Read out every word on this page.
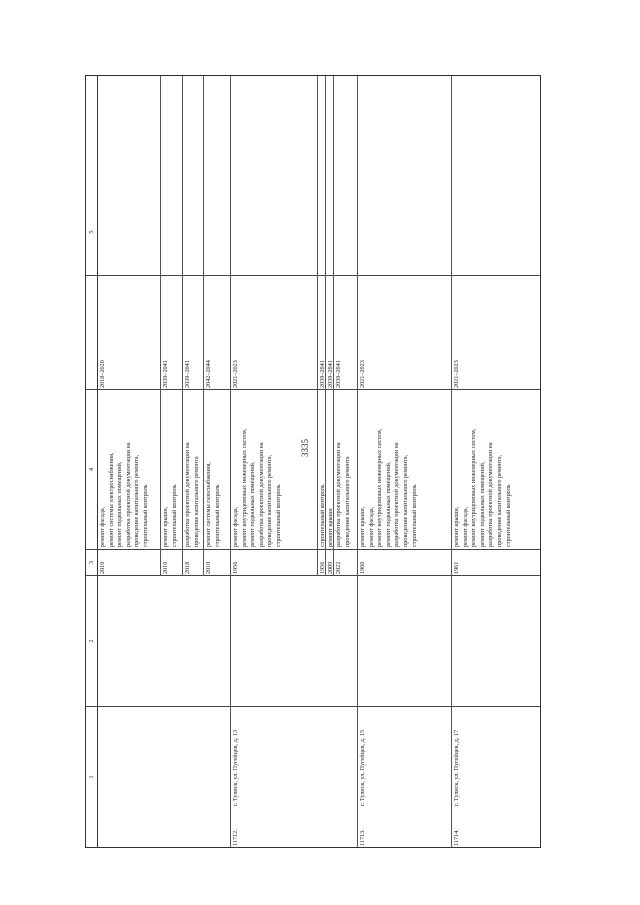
3335
1
2
3
4
5
2010
ремонт фасада, ремонт системы электроснабжения, ремонт подвальных помещений, разработка проектной документации на проведение капитального ремонта, строительный контроль
2018–2020
2010
ремонт крыши, строительный контроль
2039–2041
2018
разработка проектной документации на проведение капитального ремонта
2039–2041
2010
ремонт системы газоснабжения, строительный контроль
2042–2044
11712.
г. Тулиск, ул. Пугейцев, д. 13
1956
ремонт фасада, ремонт внутридомовых инженерных систем, ремонт подвальных помещений, разработка проектной документации на проведение капитального ремонта, строительный контроль
2021–2023
1956
строительный контроль
2039–2041
2009
ремонт крыши
2039–2041
2022
разработка проектной документации на проведение капитального ремонта
2039–2041
11713.
г. Тулиск, ул. Пугейцев, д. 15
1960
ремонт крыши, ремонт фасада, ремонт внутридомовых инженерных систем, ремонт подвальных помещений, разработка проектной документации на проведение капитального ремонта, строительный контроль
2021–2023
11714.
г. Тулиск, ул. Пугейцев, д. 17
1961
ремонт крыши, ремонт фасада, ремонт внутридомовых инженерных систем, ремонт подвальных помещений, разработка проектной документации на проведение капитального ремонта, строительный контроль
2021–2023
